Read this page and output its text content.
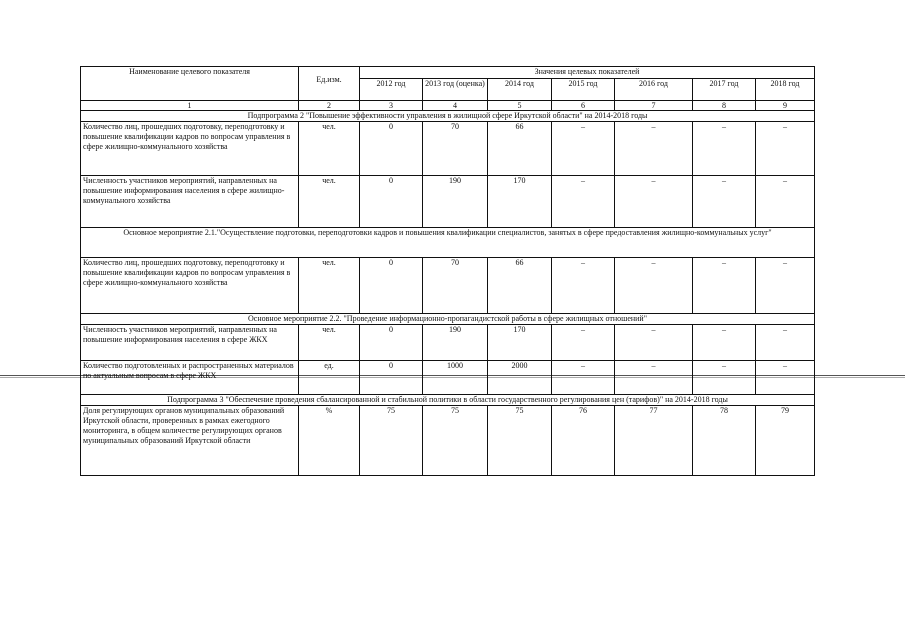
Наименование целевого показателя	Ед.изм.	Значения целевых показателей						
		2012 год	2013 год (оценка)	2014 год	2015 год	2016 год	2017 год	2018 год
1	2	3	4	5	6	7	8	9
Подпрограмма 2 "Повышение эффективности управления в жилищной сфере Иркутской области" на 2014-2018 годы								
Количество лиц, прошедших подготовку, переподготовку и повышение квалификации кадров по вопросам управления в сфере жилищно-коммунального хозяйства	чел.	0	70	66	–	–	–	–
Численность участников мероприятий, направленных на повышение информирования населения в сфере жилищно-коммунального хозяйства	чел.	0	190	170	–	–	–	–
Основное мероприятие 2.1."Осуществление подготовки, переподготовки кадров и повышения квалификации специалистов, занятых в сфере предоставления жилищно-коммунальных услуг"								
Количество лиц, прошедших подготовку, переподготовку и повышение квалификации кадров по вопросам управления в сфере жилищно-коммунального хозяйства	чел.	0	70	66	–	–	–	–
Основное мероприятие 2.2. "Проведение информационно-пропагандистской работы в сфере жилищных отношений"								
Численность участников мероприятий, направленных на повышение информирования населения в сфере ЖКХ	чел.	0	190	170	–	–	–	–
Количество подготовленных и распространенных материалов по актуальным вопросам в сфере ЖКХ	ед.	0	1000	2000	–	–	–	–
Подпрограмма 3 "Обеспечение проведения сбалансированной и стабильной политики в области государственного регулирования цен (тарифов)" на 2014-2018 годы								
Доля регулирующих органов муниципальных образований Иркутской области, проверенных в рамках ежегодного мониторинга, в общем количестве регулирующих органов муниципальных образований Иркутской области	%	75	75	75	76	77	78	79
